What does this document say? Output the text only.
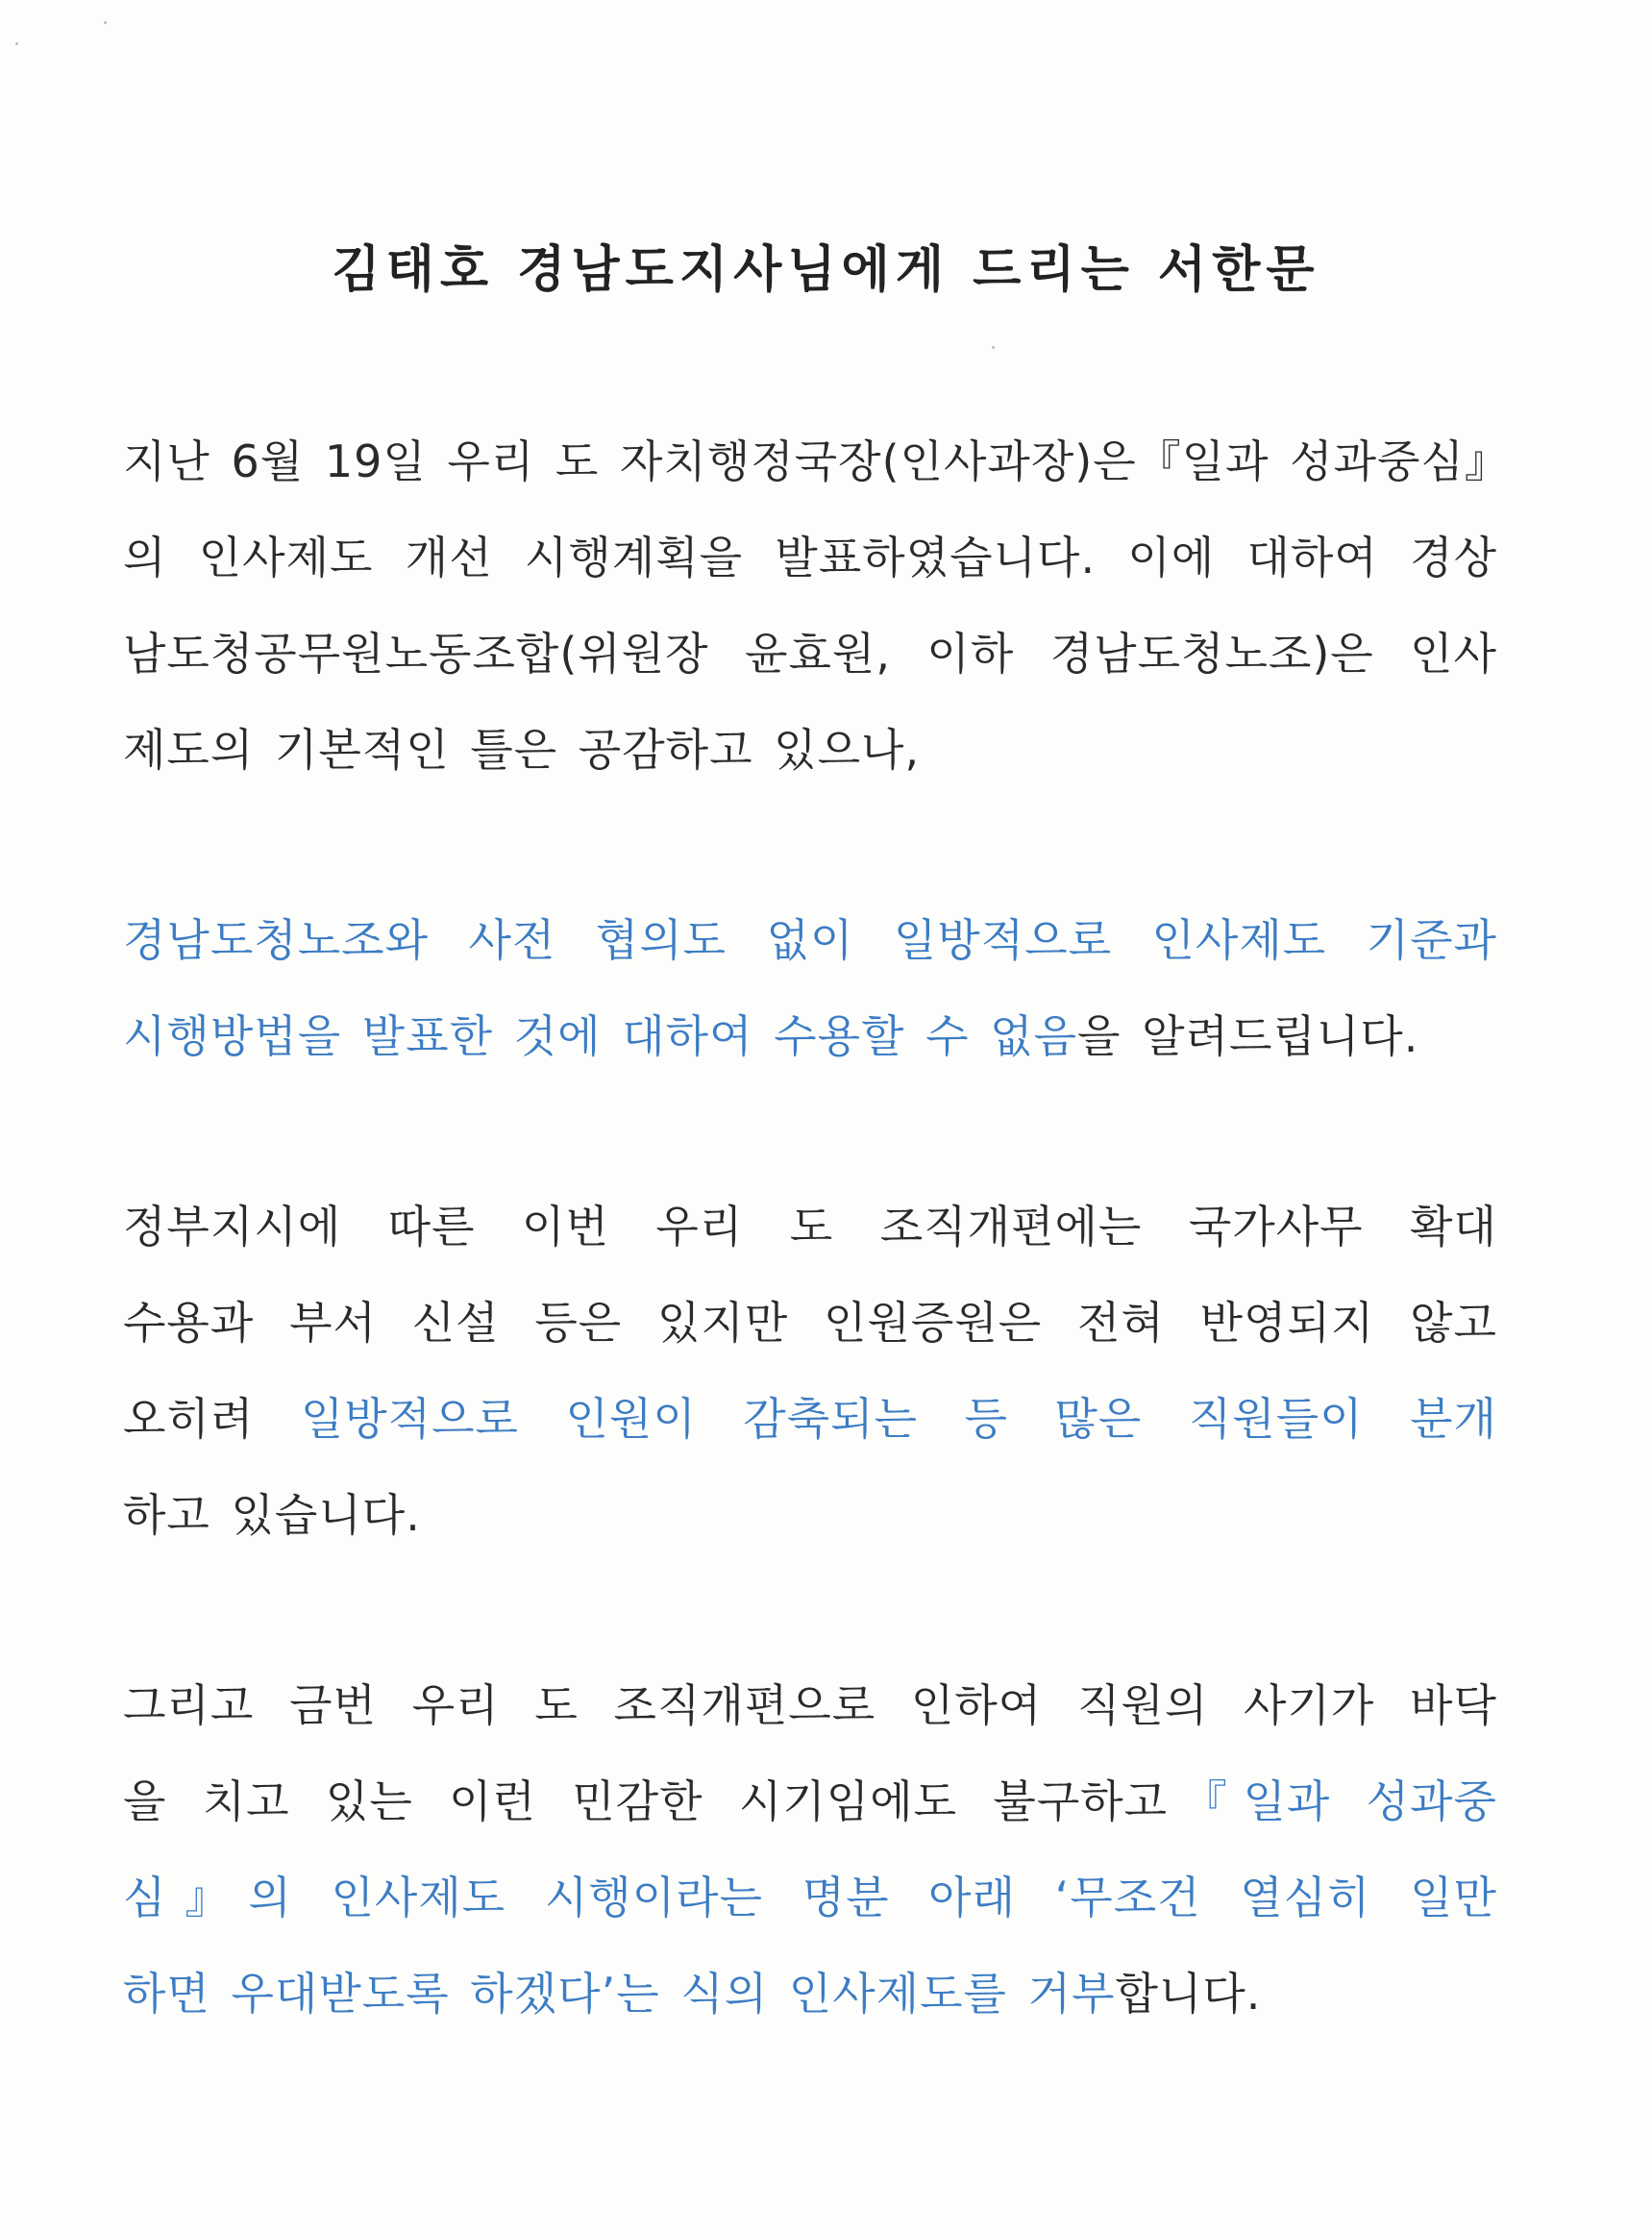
김태호 경남도지사님에게 드리는 서한문
지난 6월 19일 우리 도 자치행정국장(인사과장)은『일과 성과중심』
의 인사제도 개선 시행계획을 발표하였습니다. 이에 대하여 경상
남도청공무원노동조합(위원장 윤효원, 이하 경남도청노조)은 인사
제도의 기본적인 틀은 공감하고 있으나,
경남도청노조와 사전 협의도 없이 일방적으로 인사제도 기준과
시행방법을 발표한 것에 대하여 수용할 수 없음을 알려드립니다.
정부지시에 따른 이번 우리 도 조직개편에는 국가사무 확대
수용과 부서 신설 등은 있지만 인원증원은 전혀 반영되지 않고
오히려 일방적으로 인원이 감축되는 등 많은 직원들이 분개
하고 있습니다.
그리고 금번 우리 도 조직개편으로 인하여 직원의 사기가 바닥
을 치고 있는 이런 민감한 시기임에도 불구하고『일과 성과중
심』의 인사제도 시행이라는 명분 아래 ‘무조건 열심히 일만
하면 우대받도록 하겠다’는 식의 인사제도를 거부합니다.
